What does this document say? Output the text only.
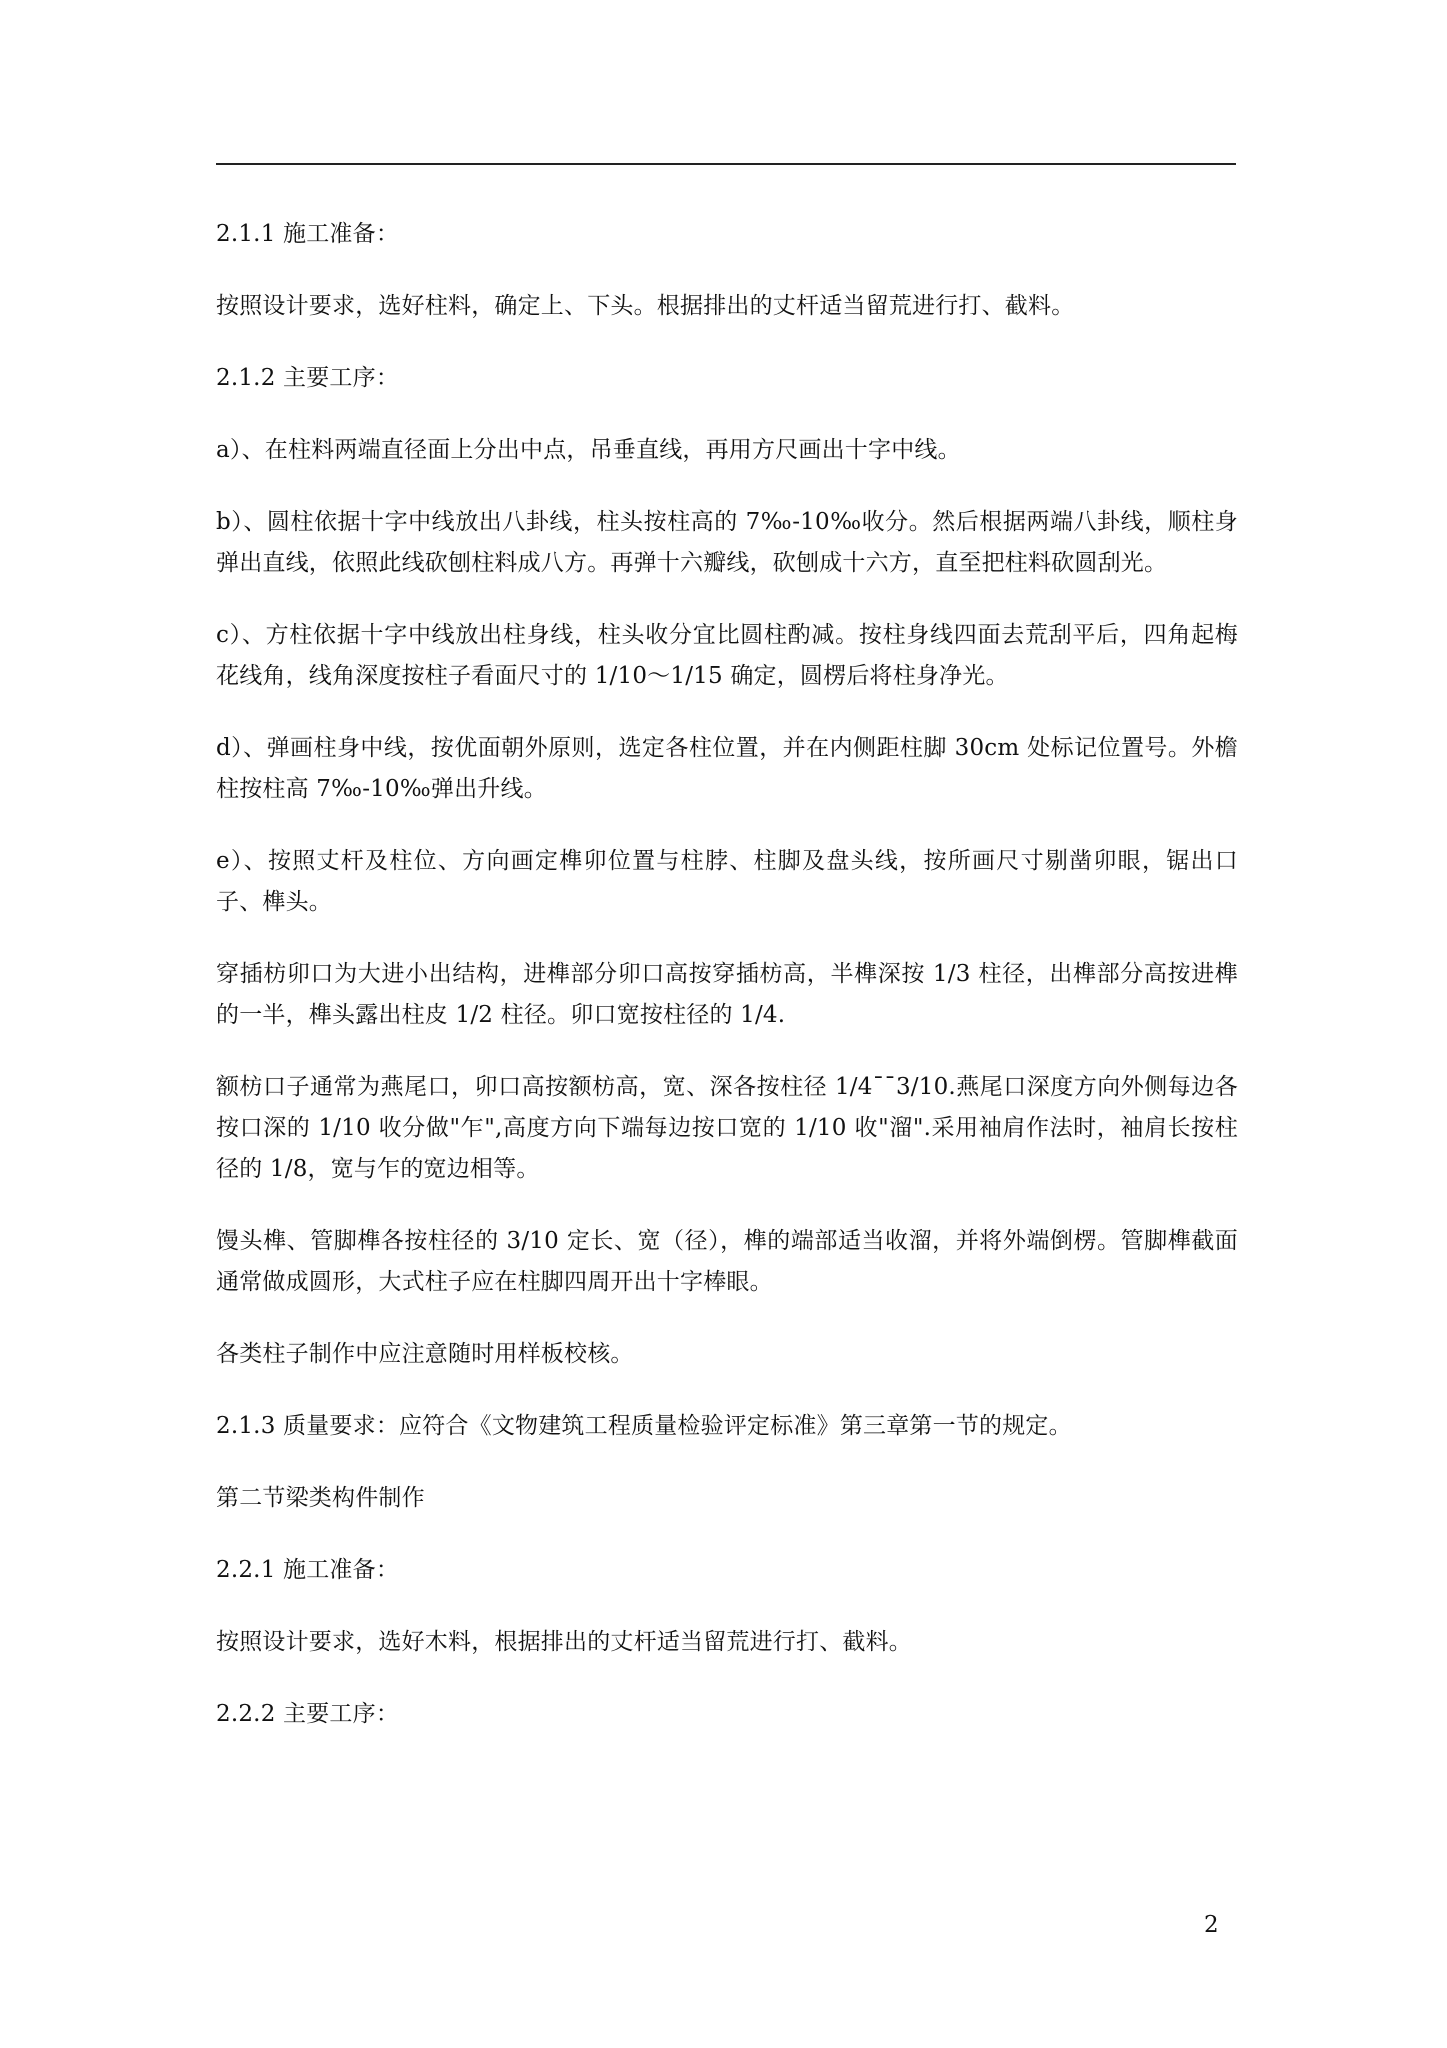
2.1.1 施工准备：

按照设计要求，选好柱料，确定上、下头。根据排出的丈杆适当留荒进行打、截料。

2.1.2 主要工序：

a）、在柱料两端直径面上分出中点，吊垂直线，再用方尺画出十字中线。

b）、圆柱依据十字中线放出八卦线，柱头按柱高的 7‰-10‰收分。然后根据两端八卦线，顺柱身弹出直线，依照此线砍刨柱料成八方。再弹十六瓣线，砍刨成十六方，直至把柱料砍圆刮光。

c）、方柱依据十字中线放出柱身线，柱头收分宜比圆柱酌减。按柱身线四面去荒刮平后，四角起梅花线角，线角深度按柱子看面尺寸的 1/10～1/15 确定，圆楞后将柱身净光。

d）、弹画柱身中线，按优面朝外原则，选定各柱位置，并在内侧距柱脚 30cm 处标记位置号。外檐柱按柱高 7‰-10‰弹出升线。

e）、按照丈杆及柱位、方向画定榫卯位置与柱脖、柱脚及盘头线，按所画尺寸剔凿卯眼，锯出口子、榫头。

穿插枋卯口为大进小出结构，进榫部分卯口高按穿插枋高，半榫深按 1/3 柱径，出榫部分高按进榫的一半，榫头露出柱皮 1/2 柱径。卯口宽按柱径的 1/4.

额枋口子通常为燕尾口，卯口高按额枋高，宽、深各按柱径 1/4¯¯3/10.燕尾口深度方向外侧每边各按口深的 1/10 收分做"乍",高度方向下端每边按口宽的 1/10 收"溜".采用袖肩作法时，袖肩长按柱径的 1/8，宽与乍的宽边相等。

馒头榫、管脚榫各按柱径的 3/10 定长、宽（径），榫的端部适当收溜，并将外端倒楞。管脚榫截面通常做成圆形，大式柱子应在柱脚四周开出十字棒眼。

各类柱子制作中应注意随时用样板校核。

2.1.3 质量要求：应符合《文物建筑工程质量检验评定标准》第三章第一节的规定。

第二节梁类构件制作

2.2.1 施工准备：

按照设计要求，选好木料，根据排出的丈杆适当留荒进行打、截料。

2.2.2 主要工序：

2
